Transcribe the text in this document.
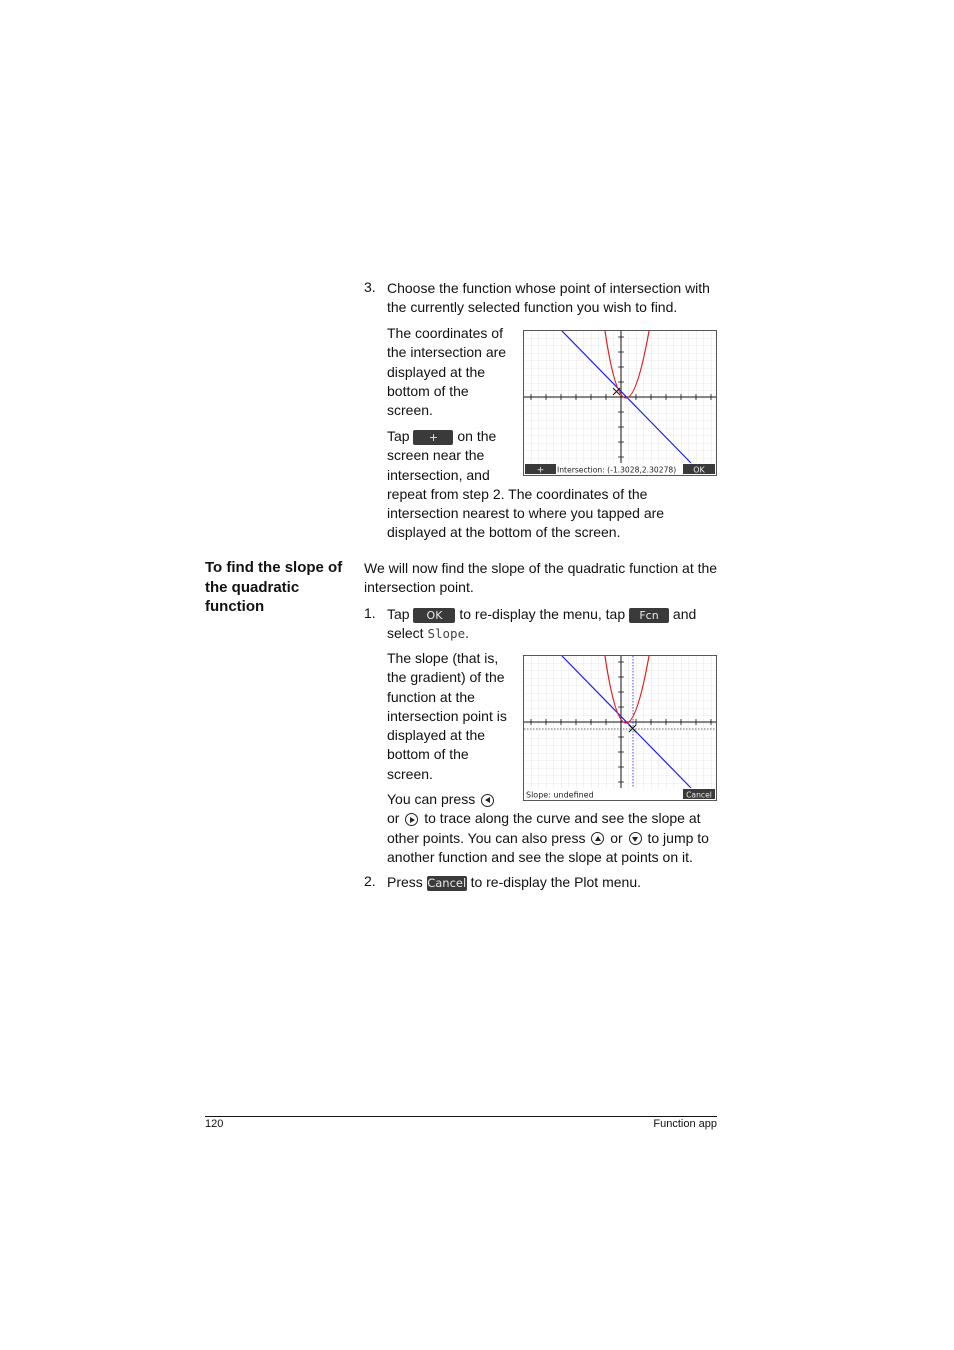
3. Choose the function whose point of intersection with
the currently selected function you wish to find.
The coordinates of
the intersection are
displayed at the
bottom of the
screen.
Tap + on the
screen near the
intersection, and
repeat from step 2. The coordinates of the
intersection nearest to where you tapped are
displayed at the bottom of the screen.
+ Intersection: (-1.3028,2.30278) OK
To find the slope of
the quadratic
function
We will now find the slope of the quadratic function at the
intersection point.
1. Tap OK to re-display the menu, tap Fcn and
select Slope.
The slope (that is,
the gradient) of the
function at the
intersection point is
displayed at the
bottom of the
screen.
Slope: undefined	Cancel
You can press
or to trace along the curve and see the slope at
other points. You can also press or to jump to
another function and see the slope at points on it.
2. Press Cancel to re-display the Plot menu.
120	Function app
